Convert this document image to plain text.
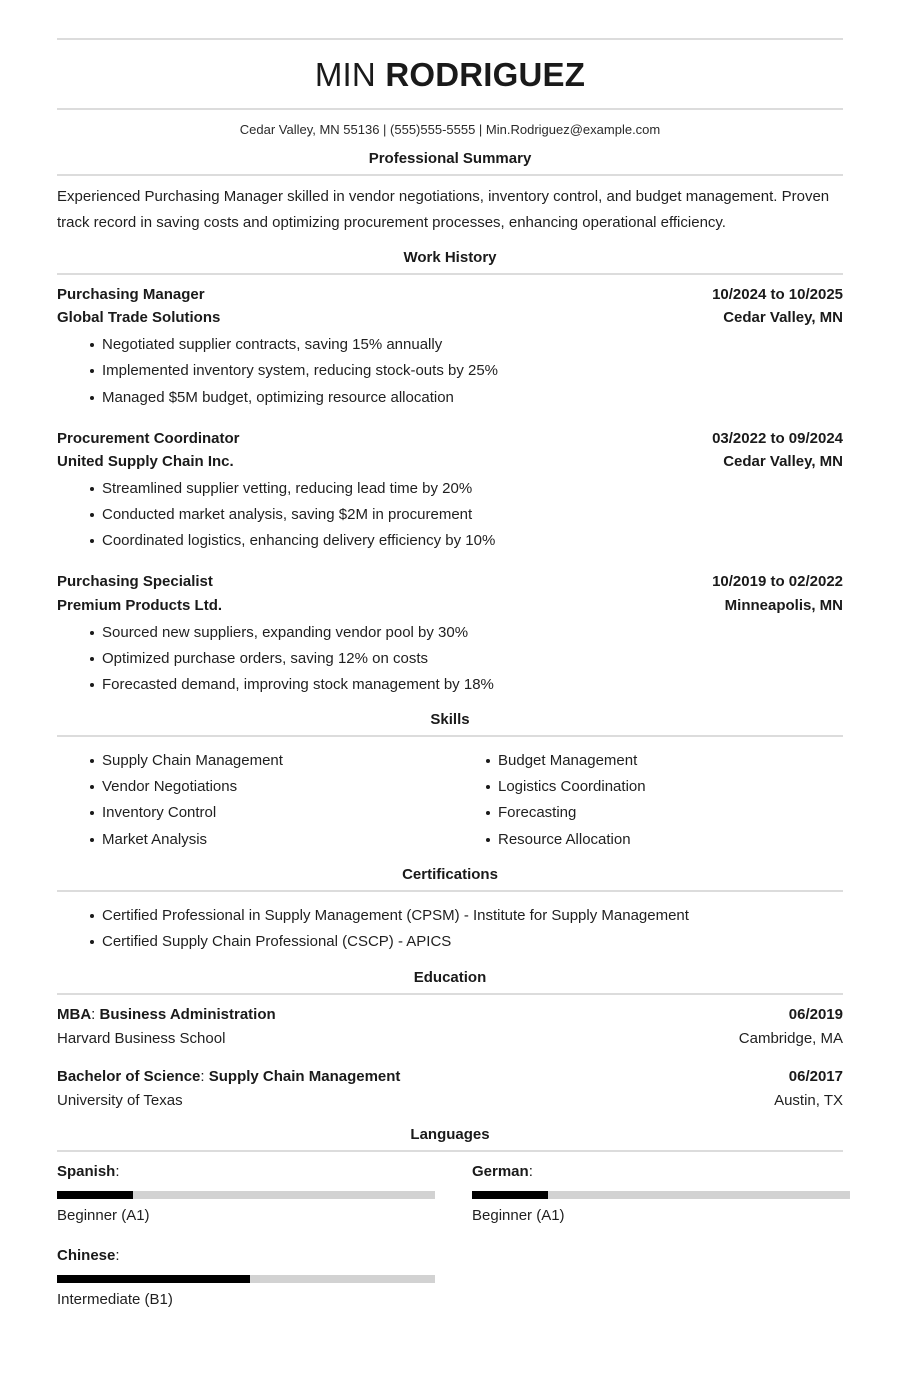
MIN RODRIGUEZ
Cedar Valley, MN 55136 | (555)555-5555 | Min.Rodriguez@example.com
Professional Summary
Experienced Purchasing Manager skilled in vendor negotiations, inventory control, and budget management. Proven track record in saving costs and optimizing procurement processes, enhancing operational efficiency.
Work History
Purchasing Manager	10/2024 to 10/2025
Global Trade Solutions	Cedar Valley, MN
Negotiated supplier contracts, saving 15% annually
Implemented inventory system, reducing stock-outs by 25%
Managed $5M budget, optimizing resource allocation
Procurement Coordinator	03/2022 to 09/2024
United Supply Chain Inc.	Cedar Valley, MN
Streamlined supplier vetting, reducing lead time by 20%
Conducted market analysis, saving $2M in procurement
Coordinated logistics, enhancing delivery efficiency by 10%
Purchasing Specialist	10/2019 to 02/2022
Premium Products Ltd.	Minneapolis, MN
Sourced new suppliers, expanding vendor pool by 30%
Optimized purchase orders, saving 12% on costs
Forecasted demand, improving stock management by 18%
Skills
Supply Chain Management
Vendor Negotiations
Inventory Control
Market Analysis
Budget Management
Logistics Coordination
Forecasting
Resource Allocation
Certifications
Certified Professional in Supply Management (CPSM) - Institute for Supply Management
Certified Supply Chain Professional (CSCP) - APICS
Education
MBA: Business Administration	06/2019
Harvard Business School	Cambridge, MA
Bachelor of Science: Supply Chain Management	06/2017
University of Texas	Austin, TX
Languages
Spanish:
Beginner (A1)
German:
Beginner (A1)
Chinese:
Intermediate (B1)
